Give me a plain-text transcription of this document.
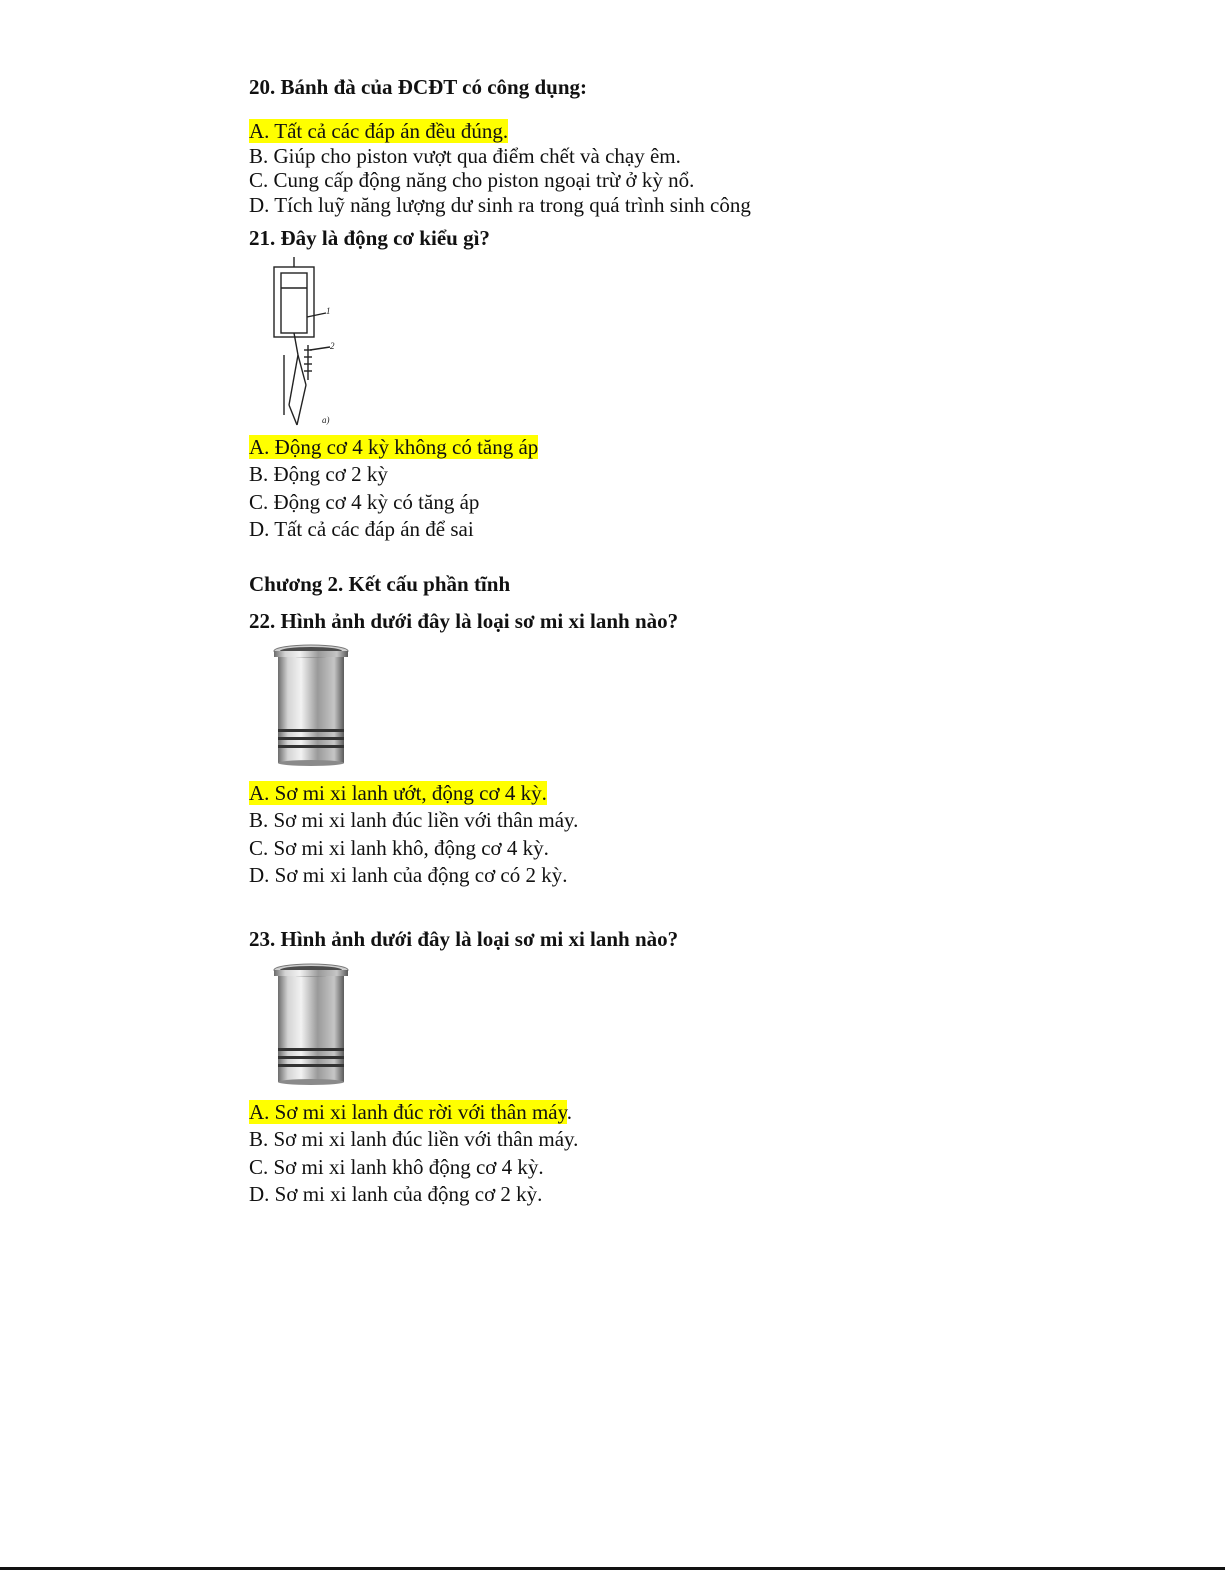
20. Bánh đà của ĐCĐT có công dụng:
A. Tất cả các đáp án đều đúng.
B. Giúp cho piston vượt qua điểm chết và chạy êm.
C. Cung cấp động năng cho piston ngoại trừ ở kỳ nổ.
D. Tích luỹ năng lượng dư sinh ra trong quá trình sinh công
21. Đây là động cơ kiểu gì?
1
2
a)
A. Động cơ 4 kỳ không có tăng áp
B. Động cơ 2 kỳ
C. Động cơ 4 kỳ có tăng áp
D. Tất cả các đáp án để sai
Chương 2. Kết cấu phần tĩnh
22. Hình ảnh dưới đây là loại sơ mi xi lanh nào?
A. Sơ mi xi lanh ướt, động cơ 4 kỳ.
B. Sơ mi xi lanh đúc liền với thân máy.
C. Sơ mi xi lanh khô, động cơ 4 kỳ.
D. Sơ mi xi lanh của động cơ có 2 kỳ.
23. Hình ảnh dưới đây là loại sơ mi xi lanh nào?
A. Sơ mi xi lanh đúc rời với thân máy.
B. Sơ mi xi lanh đúc liền với thân máy.
C. Sơ mi xi lanh khô động cơ 4 kỳ.
D. Sơ mi xi lanh của động cơ 2 kỳ.
